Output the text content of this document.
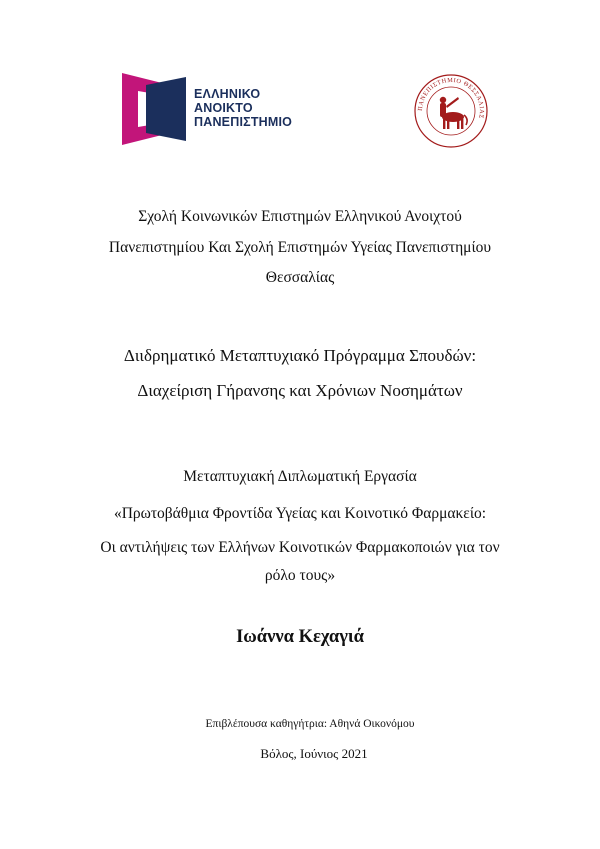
ΕΛΛΗΝΙΚΟ
ΑΝΟΙΚΤΟ
ΠΑΝΕΠΙΣΤΗΜΙΟ
ΠΑΝΕΠΙΣΤΗΜΙΟ ΘΕΣΣΑΛΙΑΣ
Σχολή Κοινωνικών Επιστημών Ελληνικού Ανοιχτού
Πανεπιστημίου Και Σχολή Επιστημών Υγείας Πανεπιστημίου
Θεσσαλίας
Διιδρηματικό Μεταπτυχιακό Πρόγραμμα Σπουδών:
Διαχείριση Γήρανσης και Χρόνιων Νοσημάτων
Μεταπτυχιακή Διπλωματική Εργασία
«Πρωτοβάθμια Φροντίδα Υγείας και Κοινοτικό Φαρμακείο:
Οι αντιλήψεις των Ελλήνων Κοινοτικών Φαρμακοποιών για τον
ρόλο τους»
Ιωάννα Κεχαγιά
Επιβλέπουσα καθηγήτρια: Αθηνά Οικονόμου
Βόλος, Ιούνιος 2021
